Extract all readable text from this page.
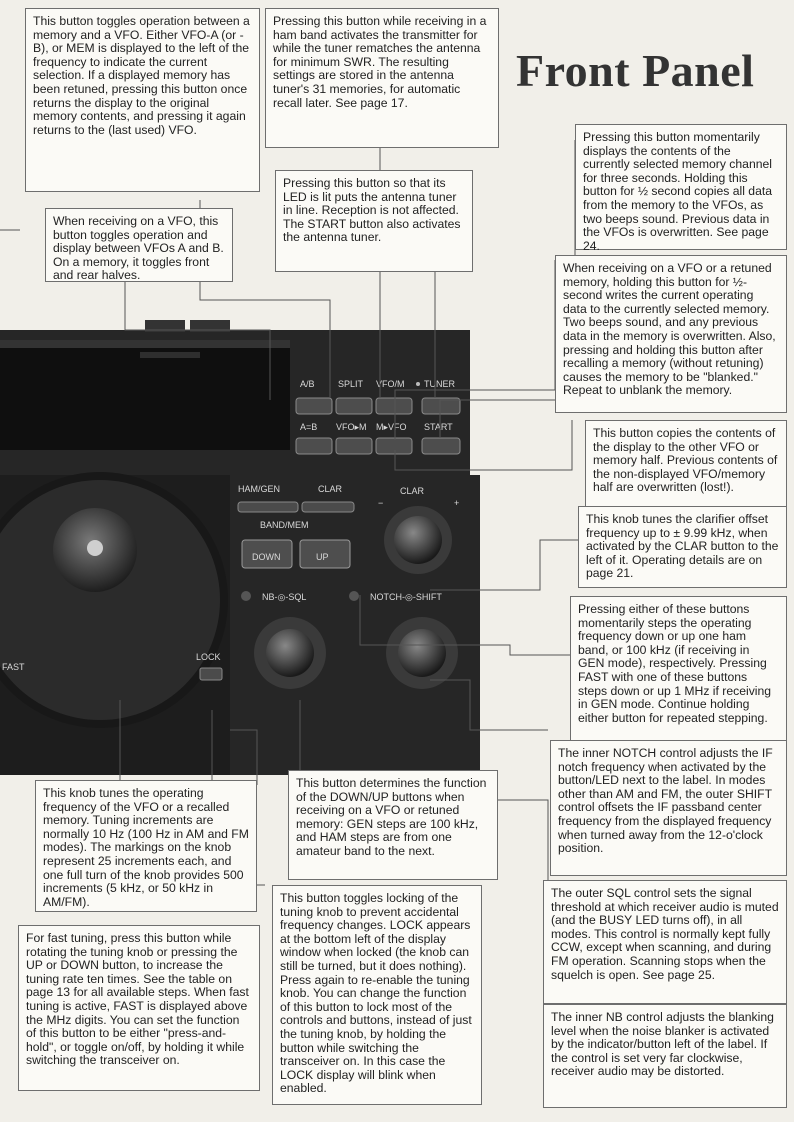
Front Panel
A/B	SPLIT VFO/M TUNER
A=B VFO▸M M▸VFO START
HAM/GEN	CLAR
BAND/MEM
DOWN	UP
CLAR
−	+
NB-◎-SQL	NOTCH-◎-SHIFT
LOCK
FAST
This button toggles operation between a memory and a VFO. Either VFO-A (or -B), or MEM is displayed to the left of the frequency to indicate the current selection. If a displayed memory has been retuned, pressing this button once returns the display to the original memory contents, and pressing it again returns to the (last used) VFO.
Pressing this button while receiving in a ham band activates the transmitter for while the tuner rematches the antenna for minimum SWR. The resulting settings are stored in the antenna tuner's 31 memories, for automatic recall later. See page 17.
Pressing this button so that its LED is lit puts the antenna tuner in line. Reception is not affected. The START button also activates the antenna tuner.
When receiving on a VFO, this button toggles operation and display between VFOs A and B. On a memory, it toggles front and rear halves.
Pressing this button momentarily displays the contents of the currently selected memory channel for three seconds. Holding this button for ½ second copies all data from the memory to the VFOs, as two beeps sound. Previous data in the VFOs is overwritten. See page 24.
When receiving on a VFO or a retuned memory, holding this button for ½-second writes the current operating data to the currently selected memory. Two beeps sound, and any previous data in the memory is overwritten. Also, pressing and holding this button after recalling a memory (without retuning) causes the memory to be "blanked." Repeat to unblank the memory.
This button copies the contents of the display to the other VFO or memory half. Previous contents of the non-displayed VFO/memory half are overwritten (lost!).
This knob tunes the clarifier offset frequency up to ± 9.99 kHz, when activated by the CLAR button to the left of it. Operating details are on page 21.
Pressing either of these buttons momentarily steps the operating frequency down or up one ham band, or 100 kHz (if receiving in GEN mode), respectively. Pressing FAST with one of these buttons steps down or up 1 MHz if receiving in GEN mode. Continue holding either button for repeated stepping.
The inner NOTCH control adjusts the IF notch frequency when activated by the button/LED next to the label. In modes other than AM and FM, the outer SHIFT control offsets the IF passband center frequency from the displayed frequency when turned away from the 12-o'clock position.
This knob tunes the operating frequency of the VFO or a recalled memory. Tuning increments are normally 10 Hz (100 Hz in AM and FM modes). The markings on the knob represent 25 increments each, and one full turn of the knob provides 500 increments (5 kHz, or 50 kHz in AM/FM).
This button determines the function of the DOWN/UP buttons when receiving on a VFO or retuned memory: GEN steps are 100 kHz, and HAM steps are from one amateur band to the next.
This button toggles locking of the tuning knob to prevent accidental frequency changes. LOCK appears at the bottom left of the display window when locked (the knob can still be turned, but it does nothing). Press again to re-enable the tuning knob. You can change the function of this button to lock most of the controls and buttons, instead of just the tuning knob, by holding the button while switching the transceiver on. In this case the LOCK display will blink when enabled.
For fast tuning, press this button while rotating the tuning knob or pressing the UP or DOWN button, to increase the tuning rate ten times. See the table on page 13 for all available steps. When fast tuning is active, FAST is displayed above the MHz digits. You can set the function of this button to be either "press-and-hold", or toggle on/off, by holding it while switching the transceiver on.
The outer SQL control sets the signal threshold at which receiver audio is muted (and the BUSY LED turns off), in all modes. This control is normally kept fully CCW, except when scanning, and during FM operation. Scanning stops when the squelch is open. See page 25.
The inner NB control adjusts the blanking level when the noise blanker is activated by the indicator/button left of the label. If the control is set very far clockwise, receiver audio may be distorted.
